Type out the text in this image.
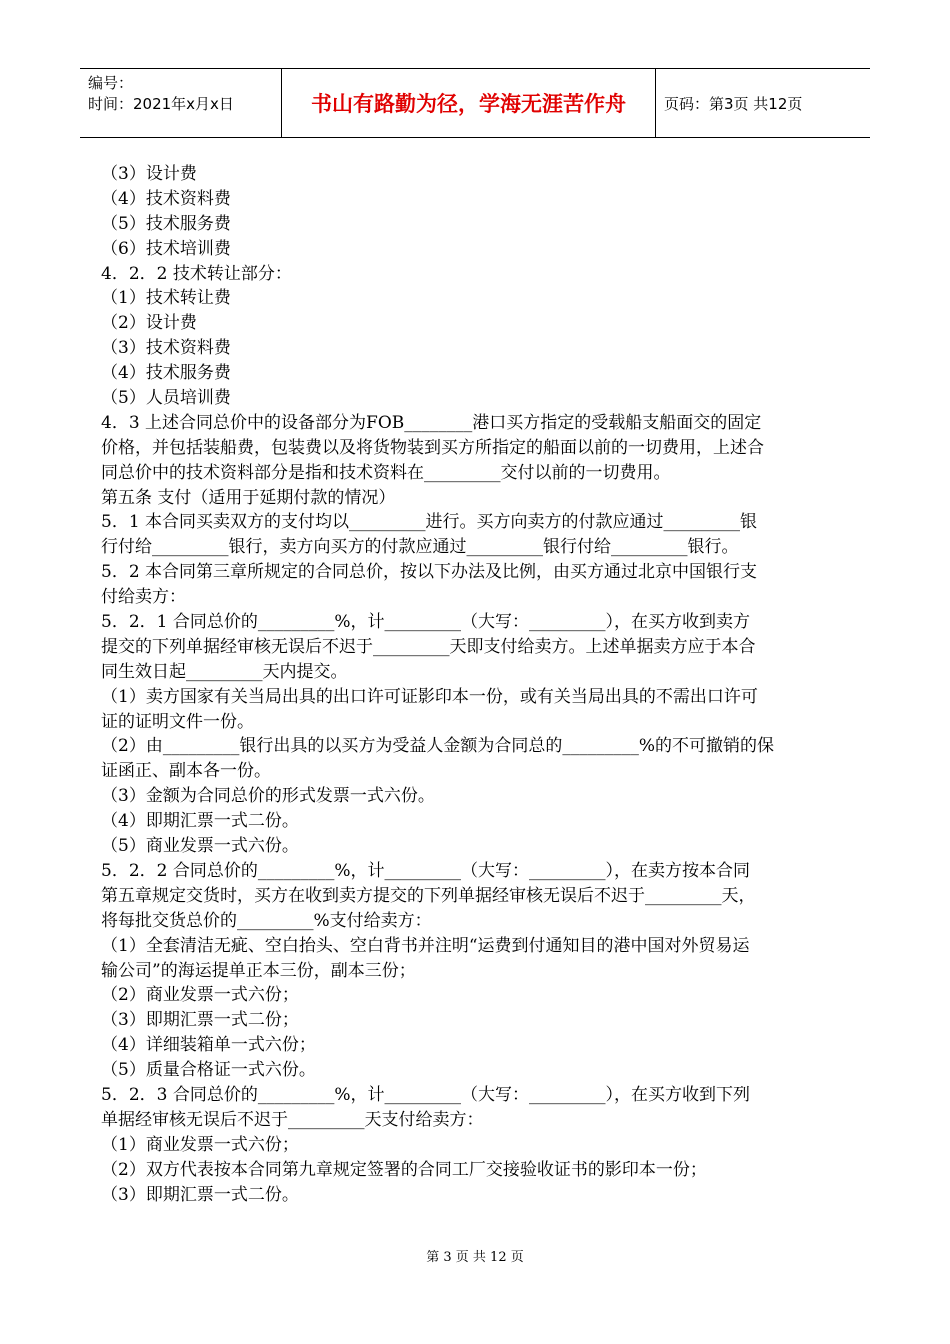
编号：
时间：2021年x月x日	书山有路勤为径，学海无涯苦作舟	页码：第3页 共12页
（3）设计费
（4）技术资料费
（5）技术服务费
（6）技术培训费
4．2．2 技术转让部分：
（1）技术转让费
（2）设计费
（3）技术资料费
（4）技术服务费
（5）人员培训费
4．3 上述合同总价中的设备部分为FOB________港口买方指定的受载船支船面交的固定
价格，并包括装船费，包装费以及将货物装到买方所指定的船面以前的一切费用，上述合
同总价中的技术资料部分是指和技术资料在_________交付以前的一切费用。
第五条 支付（适用于延期付款的情况）
5．1 本合同买卖双方的支付均以_________进行。买方向卖方的付款应通过_________银
行付给_________银行，卖方向买方的付款应通过_________银行付给_________银行。
5．2 本合同第三章所规定的合同总价，按以下办法及比例，由买方通过北京中国银行支
付给卖方：
5．2．1 合同总价的_________%，计_________（大写：_________），在买方收到卖方
提交的下列单据经审核无误后不迟于_________天即支付给卖方。上述单据卖方应于本合
同生效日起_________天内提交。
（1）卖方国家有关当局出具的出口许可证影印本一份，或有关当局出具的不需出口许可
证的证明文件一份。
（2）由_________银行出具的以买方为受益人金额为合同总的_________%的不可撤销的保
证函正、副本各一份。
（3）金额为合同总价的形式发票一式六份。
（4）即期汇票一式二份。
（5）商业发票一式六份。
5．2．2 合同总价的_________%，计_________（大写：_________），在卖方按本合同
第五章规定交货时，买方在收到卖方提交的下列单据经审核无误后不迟于_________天，
将每批交货总价的_________%支付给卖方：
（1）全套清洁无疵、空白抬头、空白背书并注明“运费到付通知目的港中国对外贸易运
输公司”的海运提单正本三份，副本三份；
（2）商业发票一式六份；
（3）即期汇票一式二份；
（4）详细装箱单一式六份；
（5）质量合格证一式六份。
5．2．3 合同总价的_________%，计_________（大写：_________），在买方收到下列
单据经审核无误后不迟于_________天支付给卖方：
（1）商业发票一式六份；
（2）双方代表按本合同第九章规定签署的合同工厂交接验收证书的影印本一份；
（3）即期汇票一式二份。
第 3 页 共 12 页
